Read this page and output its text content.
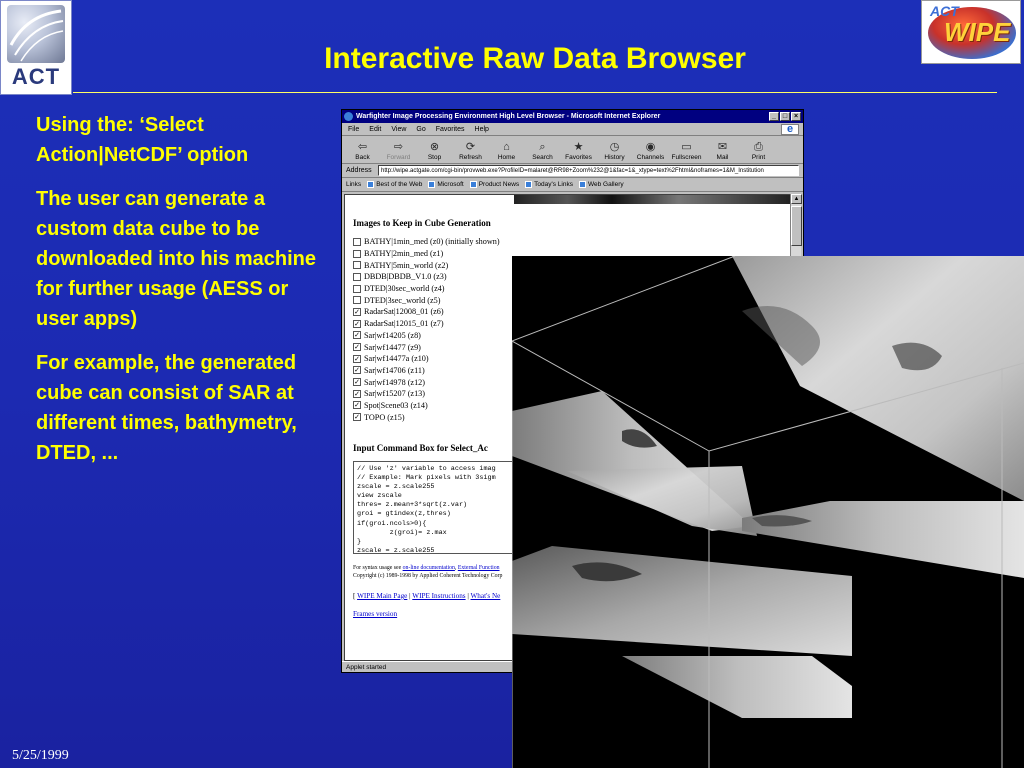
ACT
ACT
WIPE
Interactive Raw Data Browser

Using the: ‘Select Action|NetCDF’ option

The user can generate a custom data cube to be downloaded into his machine for further usage (AESS or user apps)

For example, the generated cube can consist of SAR at different times, bathymetry, DTED, ...

5/25/1999
Warfighter Image Processing Environment High Level Browser - Microsoft Internet Explorer	_ □ ×
File Edit View Go Favorites Help
e
⇦
Back
⇨
Forward
⊗
Stop
⟳
Refresh
⌂
Home
⌕
Search
★
Favorites
◷
History
◉
Channels
▭
Fullscreen
✉
Mail
⎙
Print
Address	http://wipe.actgate.com/cgi-bin/provweb.exe?ProfileID=malaret@RR98+Zoom%232@1&fac=1&_xtype=text%2Fhtml&noframes=1&M_Institution
Links Best of the Web Microsoft Product News Today's Links Web Gallery
Images to Keep in Cube Generation
BATHY|1min_med (z0) (initially shown)
BATHY|2min_med (z1)
BATHY|5min_world (z2)
DBDB|DBDB_V1.0 (z3)
DTED|30sec_world (z4)
DTED|3sec_world (z5)
✓ RadarSat|12008_01 (z6)
✓ RadarSat|12015_01 (z7)
✓ Sar|wf14205 (z8)
✓ Sar|wf14477 (z9)
✓ Sar|wf14477a (z10)
✓ Sar|wf14706 (z11)
✓ Sar|wf14978 (z12)
✓ Sar|wf15207 (z13)
✓ Spot|Scene03 (z14)
✓ TOPO (z15)
Input Command Box for Select_Ac
// Use 'z' variable to access imag
// Example: Mark pixels with 3sigm
zscale = z.scale255
view zscale
thres= z.mean+3*sqrt(z.var)
groi = gtindex(z,thres)
if(groi.ncols>0){
z(groi)= z.max
}
zscale = z.scale255
For syntax usage see on-line documentation, External Function
Copyright (c) 1989-1998 by Applied Coherent Technology Corp
[ WIPE Main Page | WIPE Instructions | What's Ne
Frames version
▲
Applet started
